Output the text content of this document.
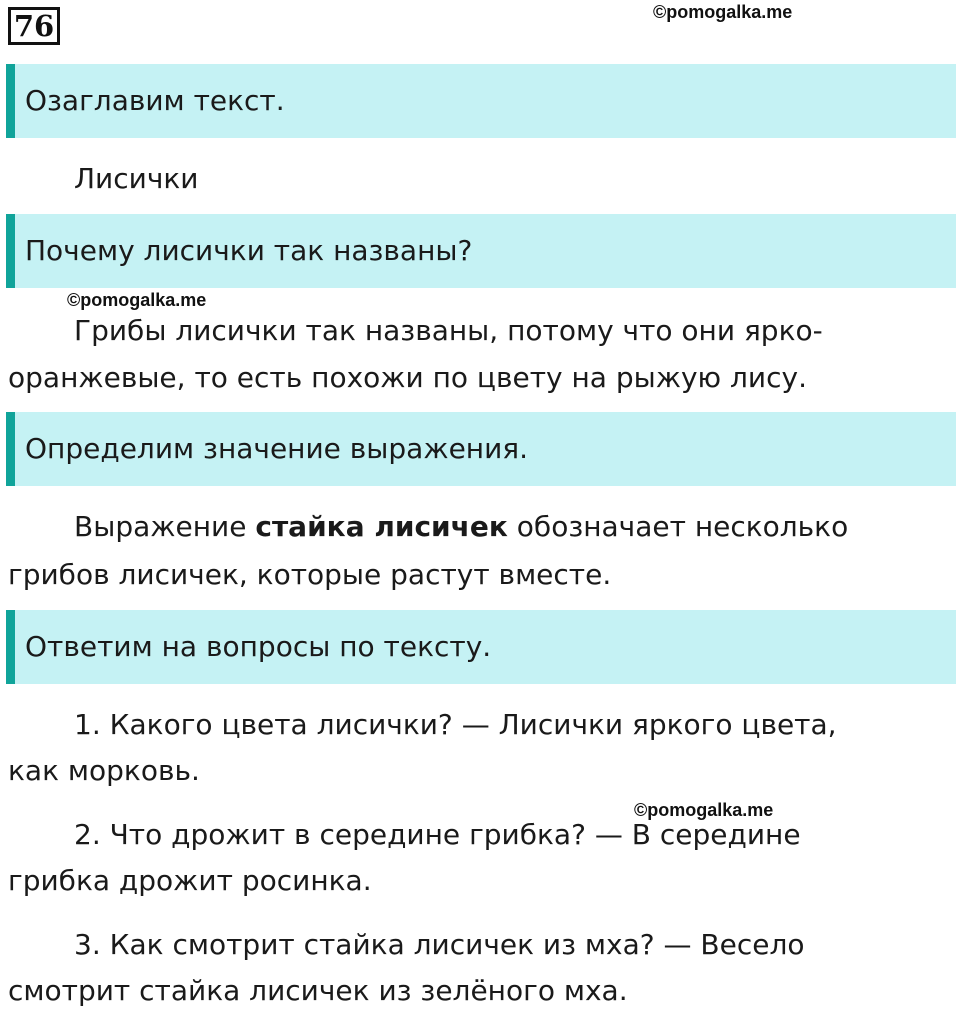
76	©pomogalka.me
Озаглавим текст.
Лисички
Почему лисички так названы?
©pomogalka.me
Грибы лисички так названы, потому что они ярко-
оранжевые, то есть похожи по цвету на рыжую лису.
Определим значение выражения.
Выражение стайка лисичек обозначает несколько
грибов лисичек, которые растут вместе.
Ответим на вопросы по тексту.
1. Какого цвета лисички? — Лисички яркого цвета,
как морковь.
©pomogalka.me
2. Что дрожит в середине грибка? — В середине
грибка дрожит росинка.
3. Как смотрит стайка лисичек из мха? — Весело
смотрит стайка лисичек из зелёного мха.
